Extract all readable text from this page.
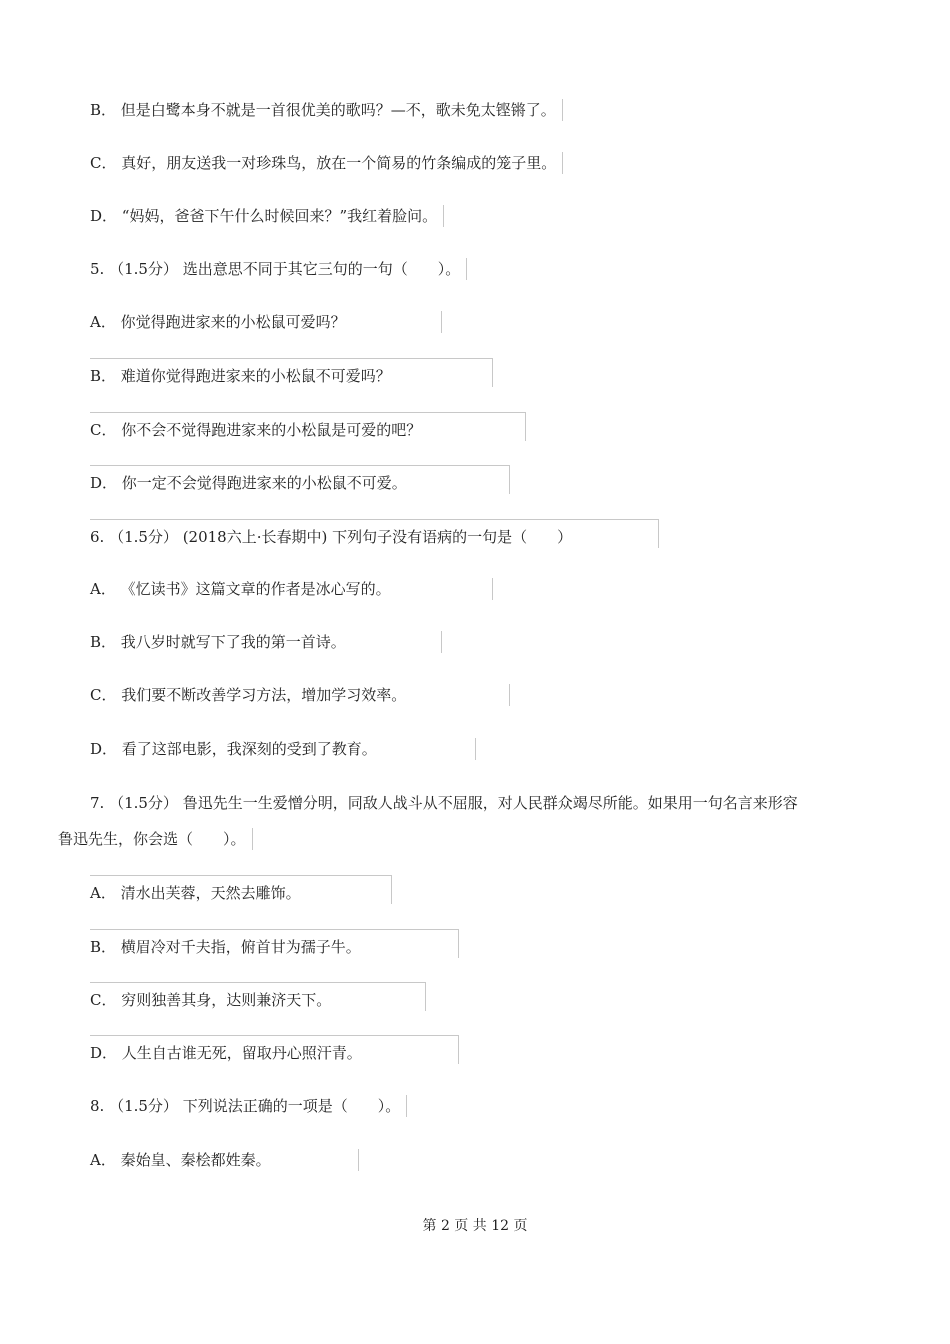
B． 但是白鹭本身不就是一首很优美的歌吗？—不，歌未免太铿锵了。
C． 真好，朋友送我一对珍珠鸟，放在一个简易的竹条编成的笼子里。
D． “妈妈，爸爸下午什么时候回来？”我红着脸问。
5. （1.5分） 选出意思不同于其它三句的一句（　　）。
A． 你觉得跑进家来的小松鼠可爱吗？
B． 难道你觉得跑进家来的小松鼠不可爱吗？
C． 你不会不觉得跑进家来的小松鼠是可爱的吧？
D． 你一定不会觉得跑进家来的小松鼠不可爱。
6. （1.5分） (2018六上·长春期中) 下列句子没有语病的一句是（　　）
A． 《忆读书》这篇文章的作者是冰心写的。
B． 我八岁时就写下了我的第一首诗。
C． 我们要不断改善学习方法，增加学习效率。
D． 看了这部电影，我深刻的受到了教育。
7. （1.5分） 鲁迅先生一生爱憎分明，同敌人战斗从不屈服，对人民群众竭尽所能。如果用一句名言来形容
鲁迅先生，你会选（　　）。
A． 清水出芙蓉，天然去雕饰。
B． 横眉冷对千夫指，俯首甘为孺子牛。
C． 穷则独善其身，达则兼济天下。
D． 人生自古谁无死，留取丹心照汗青。
8. （1.5分） 下列说法正确的一项是（　　）。
A． 秦始皇、秦桧都姓秦。
第 2 页 共 12 页
